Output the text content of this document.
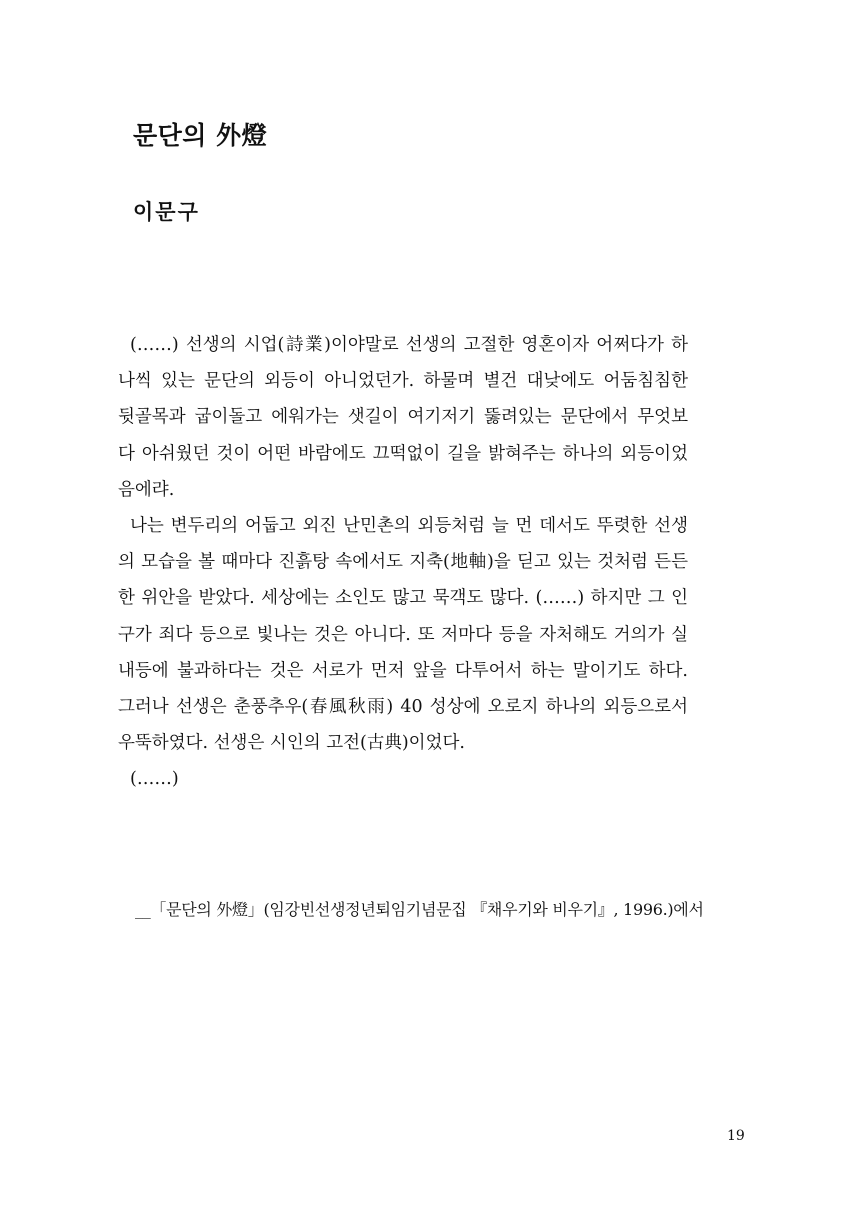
문단의 外燈
이문구
(……) 선생의 시업(詩業)이야말로 선생의 고절한 영혼이자 어쩌다가 하
나씩 있는 문단의 외등이 아니었던가. 하물며 별건 대낮에도 어둠침침한
뒷골목과 굽이돌고 에워가는 샛길이 여기저기 뚫려있는 문단에서 무엇보
다 아쉬웠던 것이 어떤 바람에도 끄떡없이 길을 밝혀주는 하나의 외등이었
음에랴.
나는 변두리의 어둡고 외진 난민촌의 외등처럼 늘 먼 데서도 뚜렷한 선생
의 모습을 볼 때마다 진흙탕 속에서도 지축(地軸)을 딛고 있는 것처럼 든든
한 위안을 받았다. 세상에는 소인도 많고 묵객도 많다. (……) 하지만 그 인
구가 죄다 등으로 빛나는 것은 아니다. 또 저마다 등을 자처해도 거의가 실
내등에 불과하다는 것은 서로가 먼저 앞을 다투어서 하는 말이기도 하다.
그러나 선생은 춘풍추우(春風秋雨) 40 성상에 오로지 하나의 외등으로서
우뚝하였다. 선생은 시인의 고전(古典)이었다.
(……)
__「문단의 外燈」(임강빈선생정년퇴임기념문집 『채우기와 비우기』, 1996.)에서
19
